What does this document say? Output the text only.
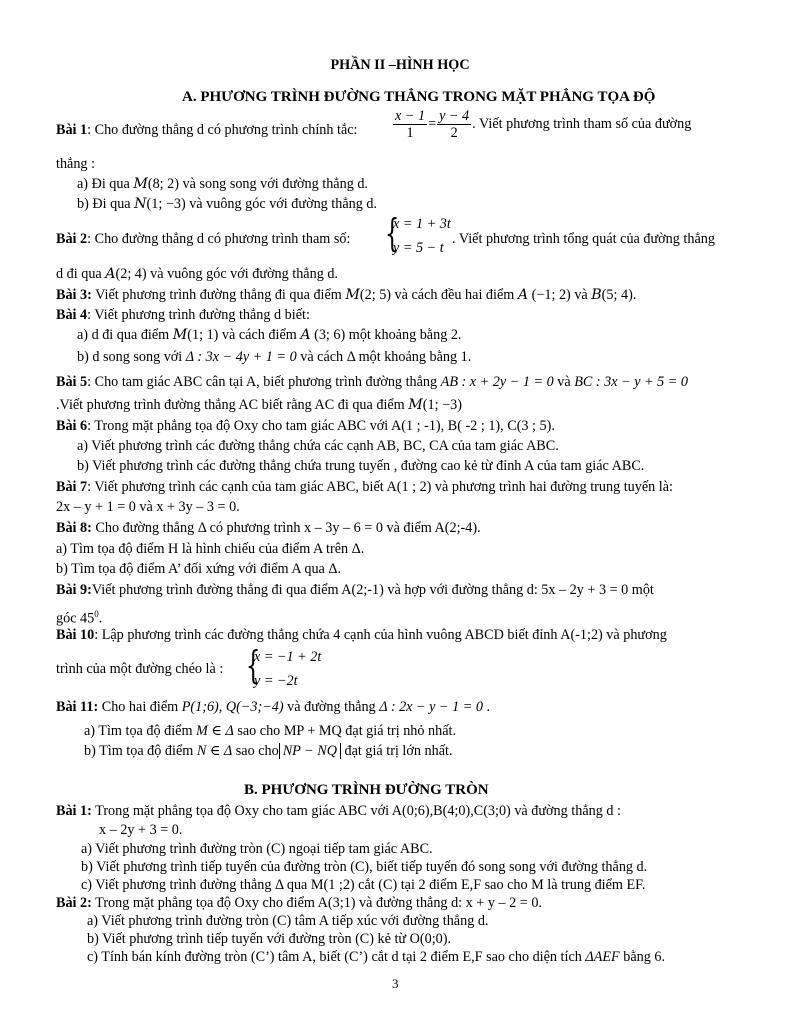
PHẦN II –HÌNH HỌC
A. PHƯƠNG TRÌNH ĐƯỜNG THẲNG TRONG MẶT PHẲNG TỌA ĐỘ
Bài 1: Cho đường thẳng d có phương trình chính tắc:	$\frac{x - 1}{1} = \frac{y - 4}{2}$ . Viết phương trình tham số của đường
thẳng :
a) Đi qua 𝑀(8; 2) và song song với đường thẳng d.
b) Đi qua 𝑁(1; −3) và vuông góc với đường thẳng d.
Bài 2: Cho đường thẳng d có phương trình tham số: {
x = 1 + 3t
y = 5 − t
. Viết phương trình tổng quát của đường thẳng
d đi qua 𝐴(2; 4) và vuông góc với đường thẳng d.
Bài 3: Viết phương trình đường thẳng đi qua điểm 𝑀(2; 5) và cách đều hai điểm 𝐴 (−1; 2) và 𝐵(5; 4).
Bài 4: Viết phương trình đường thẳng d biết:
a) d đi qua điểm 𝑀(1; 1) và cách điểm 𝐴 (3; 6) một khoảng bằng 2.
b) d song song với Δ : 3x − 4y + 1 = 0 và cách Δ một khoảng bằng 1.
Bài 5: Cho tam giác ABC cân tại A, biết phương trình đường thẳng AB : x + 2y − 1 = 0 và BC : 3x − y + 5 = 0
.Viết phương trình đường thẳng AC biết rằng AC đi qua điểm 𝑀(1; −3)
Bài 6: Trong mặt phẳng tọa độ Oxy cho tam giác ABC với A(1 ; -1), B( -2 ; 1), C(3 ; 5).
a) Viết phương trình các đường thẳng chứa các cạnh AB, BC, CA của tam giác ABC.
b) Viết phương trình các đường thẳng chứa trung tuyến , đường cao kẻ từ đỉnh A của tam giác ABC.
Bài 7: Viết phương trình các cạnh của tam giác ABC, biết A(1 ; 2) và phương trình hai đường trung tuyến là:
2x – y + 1 = 0 và x + 3y – 3 = 0.
Bài 8: Cho đường thẳng Δ có phương trình x – 3y – 6 = 0 và điểm A(2;-4).
a) Tìm tọa độ điểm H là hình chiếu của điểm A trên Δ.
b) Tìm tọa độ điểm A’ đối xứng với điểm A qua Δ.
Bài 9:Viết phương trình đường thẳng đi qua điểm A(2;-1) và hợp với đường thẳng d: 5x – 2y + 3 = 0 một
góc $45^0$.
Bài 10: Lập phương trình các đường thẳng chứa 4 cạnh của hình vuông ABCD biết đỉnh A(-1;2) và phương
trình của một đường chéo là : {
x = −1 + 2t
y = −2t
Bài 11: Cho hai điểm P(1;6), Q(−3;−4) và đường thẳng Δ : 2x − y − 1 = 0 .
a) Tìm tọa độ điểm M ∈ Δ sao cho MP + MQ đạt giá trị nhỏ nhất.
b) Tìm tọa độ điểm N ∈ Δ sao cho NP − NQ đạt giá trị lớn nhất.
B. PHƯƠNG TRÌNH ĐƯỜNG TRÒN
Bài 1: Trong mặt phẳng tọa độ Oxy cho tam giác ABC với A(0;6),B(4;0),C(3;0) và đường thẳng d :
x – 2y + 3 = 0.
a) Viết phương trình đường tròn (C) ngoại tiếp tam giác ABC.
b) Viết phương trình tiếp tuyến của đường tròn (C), biết tiếp tuyến đó song song với đường thẳng d.
c) Viết phương trình đường thẳng Δ qua M(1 ;2) cắt (C) tại 2 điểm E,F sao cho M là trung điểm EF.
Bài 2: Trong mặt phẳng tọa độ Oxy cho điểm A(3;1) và đường thẳng d: x + y – 2 = 0.
a) Viết phương trình đường tròn (C) tâm A tiếp xúc với đường thẳng d.
b) Viết phương trình tiếp tuyến với đường tròn (C) kẻ từ O(0;0).
c) Tính bán kính đường tròn (C’) tâm A, biết (C’) cắt d tại 2 điểm E,F sao cho diện tích ΔAEF bằng 6.
3
